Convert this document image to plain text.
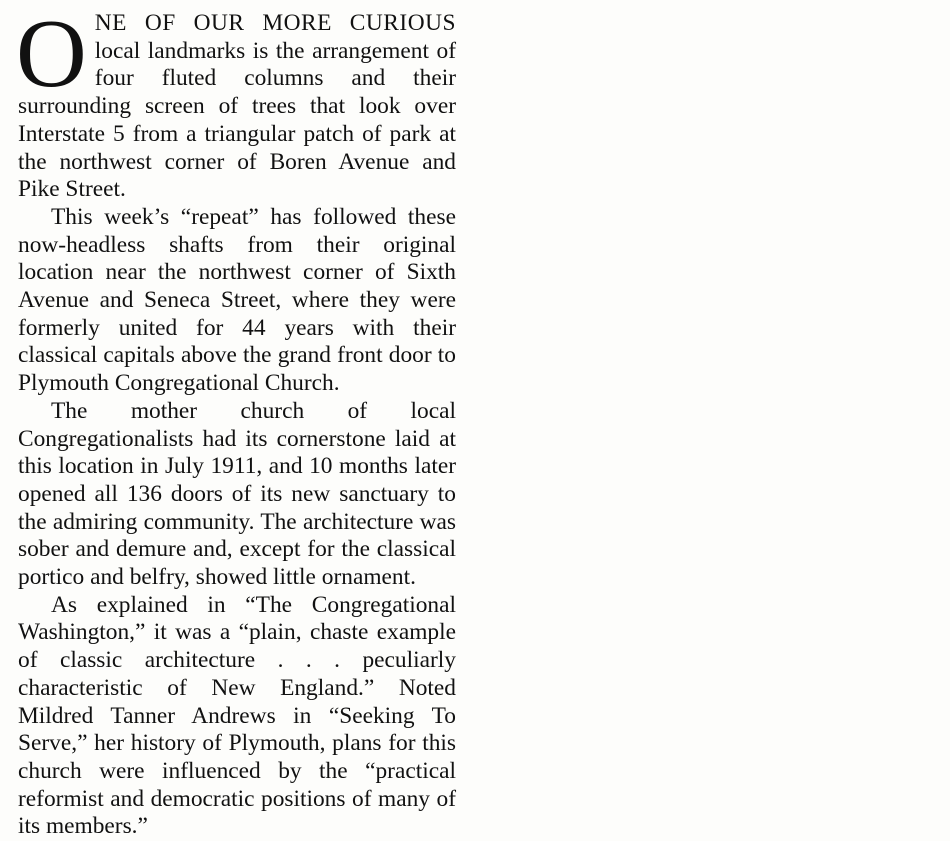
ONE OF OUR MORE CURIOUS local landmarks is the arrangement of four fluted columns and their surrounding screen of trees that look over Interstate 5 from a triangular patch of park at the northwest corner of Boren Avenue and Pike Street.

This week’s “repeat” has followed these now-headless shafts from their original location near the northwest corner of Sixth Avenue and Seneca Street, where they were formerly united for 44 years with their classical capitals above the grand front door to Plymouth Congregational Church.

The mother church of local Congregationalists had its cornerstone laid at this location in July 1911, and 10 months later opened all 136 doors of its new sanctuary to the admiring community. The architecture was sober and demure and, except for the classical portico and belfry, showed little ornament.

As explained in “The Congregational Washington,” it was a “plain, chaste example of classic architecture . . . peculiarly characteristic of New England.” Noted Mildred Tanner Andrews in “Seeking To Serve,” her history of Plymouth, plans for this church were influenced by the “practical reformist and democratic positions of many of its members.”
